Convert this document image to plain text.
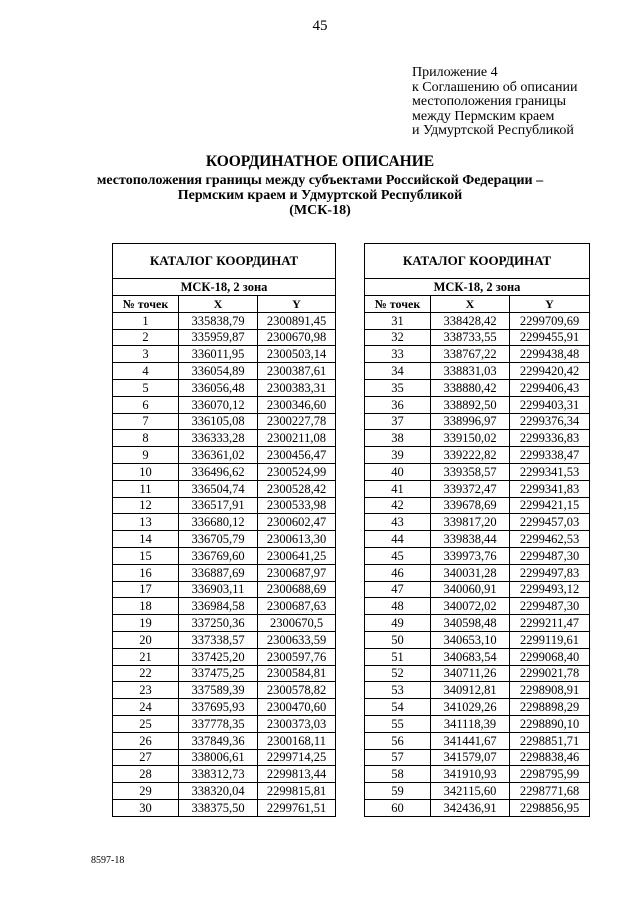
45
Приложение 4
к Соглашению об описании
местоположения границы
между Пермским краем
и Удмуртской Республикой
КООРДИНАТНОЕ ОПИСАНИЕ
местоположения границы между субъектами Российской Федерации –
Пермским краем и Удмуртской Республикой
(МСК-18)
КАТАЛОГ КООРДИНАТ		
МСК-18, 2 зона		
№ точек	X	Y
1	335838,79	2300891,45
2	335959,87	2300670,98
3	336011,95	2300503,14
4	336054,89	2300387,61
5	336056,48	2300383,31
6	336070,12	2300346,60
7	336105,08	2300227,78
8	336333,28	2300211,08
9	336361,02	2300456,47
10	336496,62	2300524,99
11	336504,74	2300528,42
12	336517,91	2300533,98
13	336680,12	2300602,47
14	336705,79	2300613,30
15	336769,60	2300641,25
16	336887,69	2300687,97
17	336903,11	2300688,69
18	336984,58	2300687,63
19	337250,36	2300670,5
20	337338,57	2300633,59
21	337425,20	2300597,76
22	337475,25	2300584,81
23	337589,39	2300578,82
24	337695,93	2300470,60
25	337778,35	2300373,03
26	337849,36	2300168,11
27	338006,61	2299714,25
28	338312,73	2299813,44
29	338320,04	2299815,81
30	338375,50	2299761,51
КАТАЛОГ КООРДИНАТ		
МСК-18, 2 зона		
№ точек	X	Y
31	338428,42	2299709,69
32	338733,55	2299455,91
33	338767,22	2299438,48
34	338831,03	2299420,42
35	338880,42	2299406,43
36	338892,50	2299403,31
37	338996,97	2299376,34
38	339150,02	2299336,83
39	339222,82	2299338,47
40	339358,57	2299341,53
41	339372,47	2299341,83
42	339678,69	2299421,15
43	339817,20	2299457,03
44	339838,44	2299462,53
45	339973,76	2299487,30
46	340031,28	2299497,83
47	340060,91	2299493,12
48	340072,02	2299487,30
49	340598,48	2299211,47
50	340653,10	2299119,61
51	340683,54	2299068,40
52	340711,26	2299021,78
53	340912,81	2298908,91
54	341029,26	2298898,29
55	341118,39	2298890,10
56	341441,67	2298851,71
57	341579,07	2298838,46
58	341910,93	2298795,99
59	342115,60	2298771,68
60	342436,91	2298856,95
8597-18
